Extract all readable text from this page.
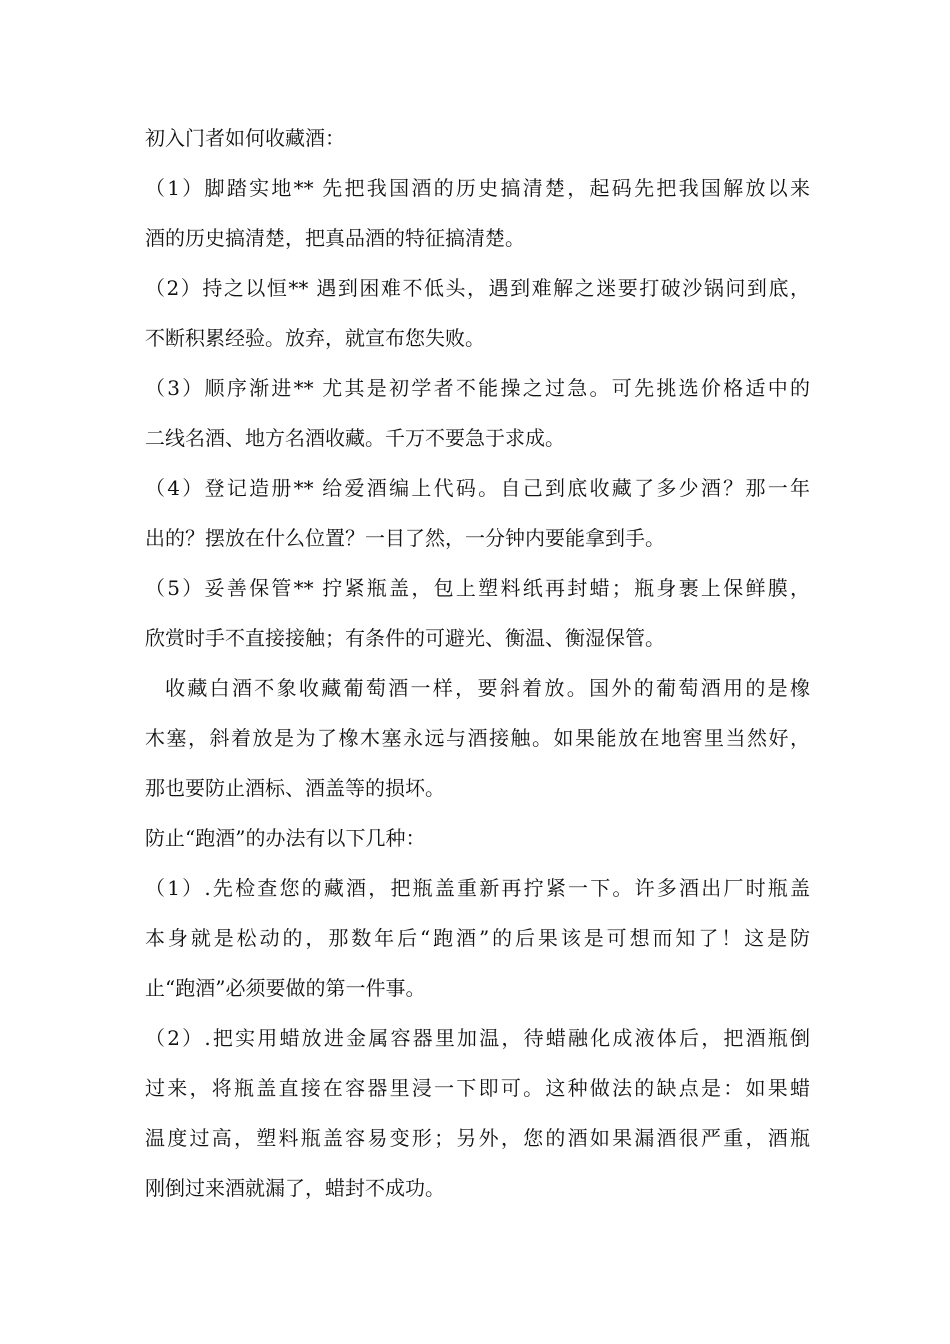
初入门者如何收藏酒：
（1）脚踏实地** 先把我国酒的历史搞清楚，起码先把我国解放以来
酒的历史搞清楚，把真品酒的特征搞清楚。
（2）持之以恒** 遇到困难不低头，遇到难解之迷要打破沙锅问到底，
不断积累经验。放弃，就宣布您失败。
（3）顺序渐进** 尤其是初学者不能操之过急。可先挑选价格适中的
二线名酒、地方名酒收藏。千万不要急于求成。
（4）登记造册** 给爱酒编上代码。自己到底收藏了多少酒？那一年
出的？摆放在什么位置？一目了然，一分钟内要能拿到手。
（5）妥善保管** 拧紧瓶盖，包上塑料纸再封蜡；瓶身裹上保鲜膜，
欣赏时手不直接接触；有条件的可避光、衡温、衡湿保管。
收藏白酒不象收藏葡萄酒一样，要斜着放。国外的葡萄酒用的是橡
木塞，斜着放是为了橡木塞永远与酒接触。如果能放在地窖里当然好，
那也要防止酒标、酒盖等的损坏。
防止“跑酒”的办法有以下几种：
（1）.先检查您的藏酒，把瓶盖重新再拧紧一下。许多酒出厂时瓶盖
本身就是松动的，那数年后“跑酒”的后果该是可想而知了！这是防
止“跑酒”必须要做的第一件事。
（2）.把实用蜡放进金属容器里加温，待蜡融化成液体后，把酒瓶倒
过来，将瓶盖直接在容器里浸一下即可。这种做法的缺点是：如果蜡
温度过高，塑料瓶盖容易变形；另外，您的酒如果漏酒很严重，酒瓶
刚倒过来酒就漏了，蜡封不成功。
